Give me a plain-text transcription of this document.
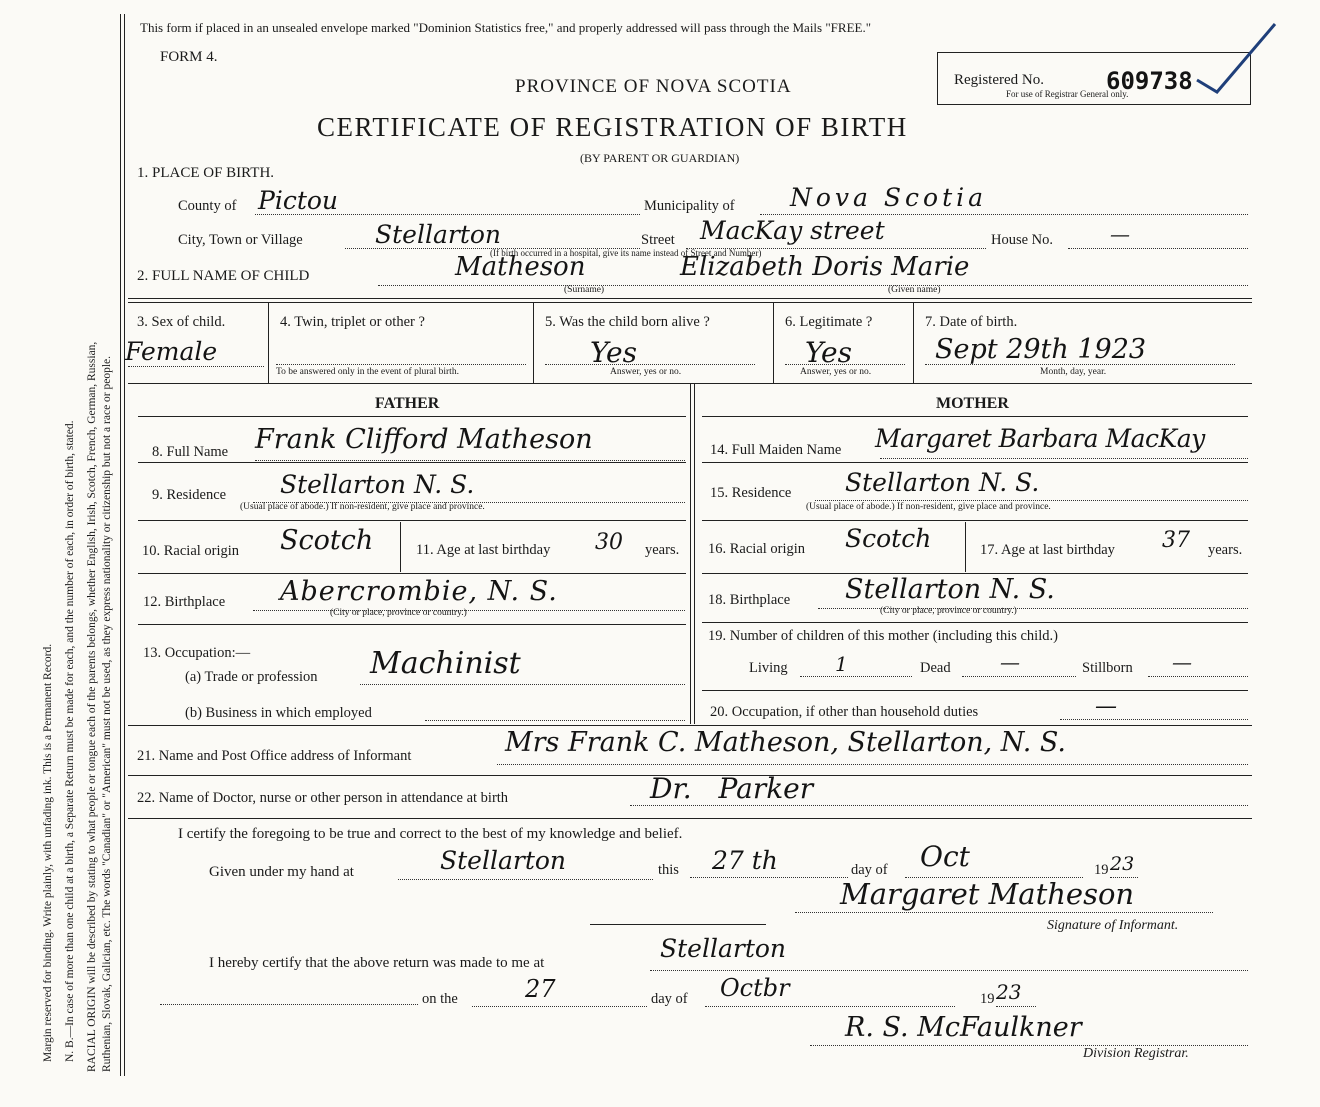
Margin reserved for binding. Write plainly, with unfading ink. This is a Permanent Record. N. B.—In case of more than one child at a birth, a Separate Return must be made for each, and the number of each, in order of birth, stated. RACIAL ORIGIN will be described by stating to what people or tongue each of the parents belongs, whether English, Irish, Scotch, French, German, Russian, Ruthenian, Slovak, Galician, etc. The words "Canadian" or "American" must not be used, as they express nationality or citizenship but not a race or people.
This form if placed in an unsealed envelope marked "Dominion Statistics free," and properly addressed will pass through the Mails "FREE."
FORM 4.
PROVINCE OF NOVA SCOTIA
CERTIFICATE OF REGISTRATION OF BIRTH
(BY PARENT OR GUARDIAN)
Registered No.
For use of Registrar General only.
609738
1. PLACE OF BIRTH.
County of Pictou	Municipality of Nova Scotia
City, Town or Village	Stellarton	Street MacKay street
(If birth occurred in a hospital, give its name instead of Street and Number)
House No.	—
2. FULL NAME OF CHILD	Matheson	Elizabeth Doris Marie
(Surname)	(Given name)
3. Sex of child.
Female
4. Twin, triplet or other ?
To be answered only in the event of plural birth.
5. Was the child born alive ?
Yes
Answer, yes or no.
6. Legitimate ?
Yes
Answer, yes or no.
7. Date of birth.
Sept 29th 1923
Month, day, year.
FATHER	MOTHER
8. Full Name Frank Clifford Matheson
9. Residence Stellarton N. S.
(Usual place of abode.) If non-resident, give place and province.
10. Racial origin Scotch	11. Age at last birthday 30 years.
12. Birthplace Abercrombie, N. S.
(City or place, province or country.)
13. Occupation:—
(a) Trade or profession Machinist
(b) Business in which employed
14. Full Maiden Name Margaret Barbara MacKay
15. Residence Stellarton N. S.
(Usual place of abode.) If non-resident, give place and province.
16. Racial origin Scotch	17. Age at last birthday 37 years.
18. Birthplace Stellarton N. S.
(City or place, province or country.)
19. Number of children of this mother (including this child.)
Living 1	Dead —	Stillborn —
20. Occupation, if other than household duties	—
21. Name and Post Office address of Informant	Mrs Frank C. Matheson, Stellarton, N. S.
22. Name of Doctor, nurse or other person in attendance at birth	Dr. Parker
I certify the foregoing to be true and correct to the best of my knowledge and belief.
Given under my hand at	Stellarton	this 27 th	day of Oct	19 23
Margaret Matheson
Signature of Informant.
I hereby certify that the above return was made to me at	Stellarton
on the	27	day of Octbr	19 23
R. S. McFaulkner
Division Registrar.
